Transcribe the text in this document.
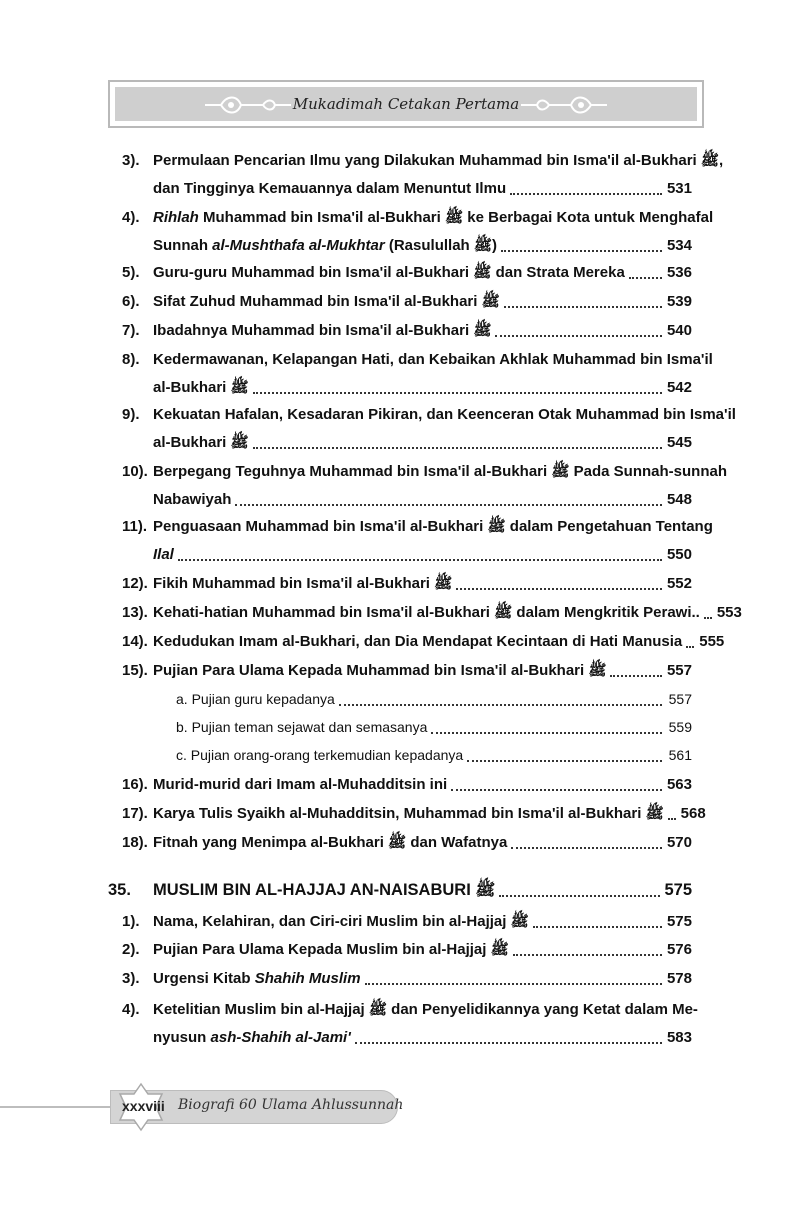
Mukadimah Cetakan Pertama
3). Permulaan Pencarian Ilmu yang Dilakukan Muhammad bin Isma'il al-Bukhari ﷺ,
dan Tingginya Kemauannya dalam Menuntut Ilmu	531
4). Rihlah Muhammad bin Isma'il al-Bukhari ﷺ ke Berbagai Kota untuk Menghafal
Sunnah al-Mushthafa al-Mukhtar (Rasulullah ﷺ)	534
5). Guru-guru Muhammad bin Isma'il al-Bukhari ﷺ dan Strata Mereka	536
6). Sifat Zuhud Muhammad bin Isma'il al-Bukhari ﷺ	539
7). Ibadahnya Muhammad bin Isma'il al-Bukhari ﷺ	540
8). Kedermawanan, Kelapangan Hati, dan Kebaikan Akhlak Muhammad bin Isma'il
al-Bukhari ﷺ	542
9). Kekuatan Hafalan, Kesadaran Pikiran, dan Keenceran Otak Muhammad bin Isma'il
al-Bukhari ﷺ	545
10). Berpegang Teguhnya Muhammad bin Isma'il al-Bukhari ﷺ Pada Sunnah-sunnah
Nabawiyah	548
11). Penguasaan Muhammad bin Isma'il al-Bukhari ﷺ dalam Pengetahuan Tentang
Ilal	550
12). Fikih Muhammad bin Isma'il al-Bukhari ﷺ	552
13). Kehati-hatian Muhammad bin Isma'il al-Bukhari ﷺ dalam Mengkritik Perawi.. 553
14). Kedudukan Imam al-Bukhari, dan Dia Mendapat Kecintaan di Hati Manusia 555
15). Pujian Para Ulama Kepada Muhammad bin Isma'il al-Bukhari ﷺ	557
a. Pujian guru kepadanya	557
b. Pujian teman sejawat dan semasanya	559
c. Pujian orang-orang terkemudian kepadanya	561
16). Murid-murid dari Imam al-Muhadditsin ini	563
17). Karya Tulis Syaikh al-Muhadditsin, Muhammad bin Isma'il al-Bukhari ﷺ 568
18). Fitnah yang Menimpa al-Bukhari ﷺ dan Wafatnya	570
35. MUSLIM BIN AL-HAJJAJ AN-NAISABURI ﷺ	575
1). Nama, Kelahiran, dan Ciri-ciri Muslim bin al-Hajjaj ﷺ	575
2). Pujian Para Ulama Kepada Muslim bin al-Hajjaj ﷺ	576
3). Urgensi Kitab Shahih Muslim	578
4). Ketelitian Muslim bin al-Hajjaj ﷺ dan Penyelidikannya yang Ketat dalam Me-
nyusun ash-Shahih al-Jami'	583
xxxviii Biografi 60 Ulama Ahlussunnah
